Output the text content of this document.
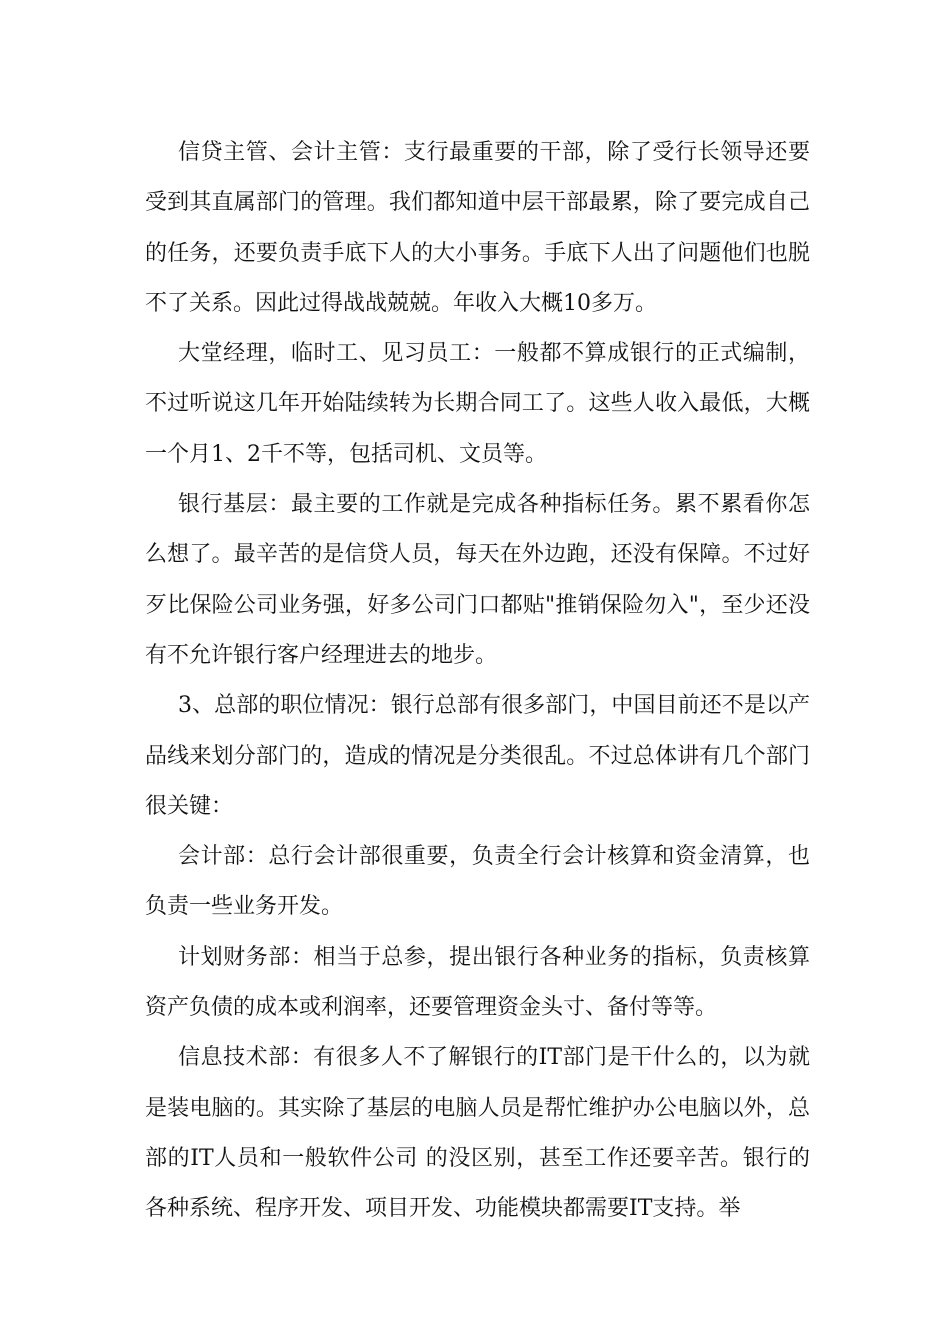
信贷主管、会计主管：支行最重要的干部，除了受行长领导还要受到其直属部门的管理。我们都知道中层干部最累，除了要完成自己的任务，还要负责手底下人的大小事务。手底下人出了问题他们也脱不了关系。因此过得战战兢兢。年收入大概10多万。

大堂经理，临时工、见习员工：一般都不算成银行的正式编制，不过听说这几年开始陆续转为长期合同工了。这些人收入最低，大概一个月1、2千不等，包括司机、文员等。

银行基层：最主要的工作就是完成各种指标任务。累不累看你怎么想了。最辛苦的是信贷人员，每天在外边跑，还没有保障。不过好歹比保险公司业务强，好多公司门口都贴"推销保险勿入"，至少还没有不允许银行客户经理进去的地步。

3、总部的职位情况：银行总部有很多部门，中国目前还不是以产品线来划分部门的，造成的情况是分类很乱。不过总体讲有几个部门很关键：

会计部：总行会计部很重要，负责全行会计核算和资金清算，也负责一些业务开发。

计划财务部：相当于总参，提出银行各种业务的指标，负责核算资产负债的成本或利润率，还要管理资金头寸、备付等等。

信息技术部：有很多人不了解银行的IT部门是干什么的，以为就是装电脑的。其实除了基层的电脑人员是帮忙维护办公电脑以外，总部的IT人员和一般软件公司 的没区别，甚至工作还要辛苦。银行的各种系统、程序开发、项目开发、功能模块都需要IT支持。举
